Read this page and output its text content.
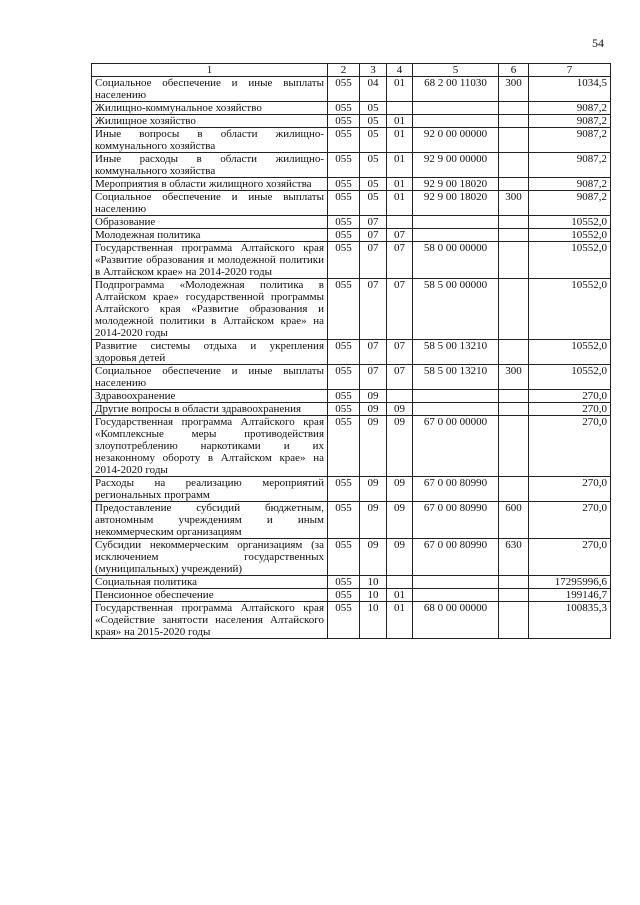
54
1	2	3	4	5	6	7
Социальное обеспечение и иные выплаты населению	055	04	01	68 2 00 11030	300	1034,5
Жилищно-коммунальное хозяйство	055	05				9087,2
Жилищное хозяйство	055	05	01			9087,2
Иные вопросы в области жилищно-коммунального хозяйства	055	05	01	92 0 00 00000		9087,2
Иные расходы в области жилищно-коммунального хозяйства	055	05	01	92 9 00 00000		9087,2
Мероприятия в области жилищного хозяйства	055	05	01	92 9 00 18020		9087,2
Социальное обеспечение и иные выплаты населению	055	05	01	92 9 00 18020	300	9087,2
Образование	055	07				10552,0
Молодежная политика	055	07	07			10552,0
Государственная программа Алтайского края «Развитие образования и молодежной политики в Алтайском крае» на 2014-2020 годы	055	07	07	58 0 00 00000		10552,0
Подпрограмма «Молодежная политика в Алтайском крае» государственной программы Алтайского края «Развитие образования и молодежной политики в Алтайском крае» на 2014-2020 годы	055	07	07	58 5 00 00000		10552,0
Развитие системы отдыха и укрепления здоровья детей	055	07	07	58 5 00 13210		10552,0
Социальное обеспечение и иные выплаты населению	055	07	07	58 5 00 13210	300	10552,0
Здравоохранение	055	09				270,0
Другие вопросы в области здравоохранения	055	09	09			270,0
Государственная программа Алтайского края «Комплексные меры противодействия злоупотреблению наркотиками и их незаконному обороту в Алтайском крае» на 2014-2020 годы	055	09	09	67 0 00 00000		270,0
Расходы на реализацию мероприятий региональных программ	055	09	09	67 0 00 80990		270,0
Предоставление субсидий бюджетным, автономным учреждениям и иным некоммерческим организациям	055	09	09	67 0 00 80990	600	270,0
Субсидии некоммерческим организациям (за исключением государственных (муниципальных) учреждений)	055	09	09	67 0 00 80990	630	270,0
Социальная политика	055	10				17295996,6
Пенсионное обеспечение	055	10	01			199146,7
Государственная программа Алтайского края «Содействие занятости населения Алтайского края» на 2015-2020 годы	055	10	01	68 0 00 00000		100835,3
